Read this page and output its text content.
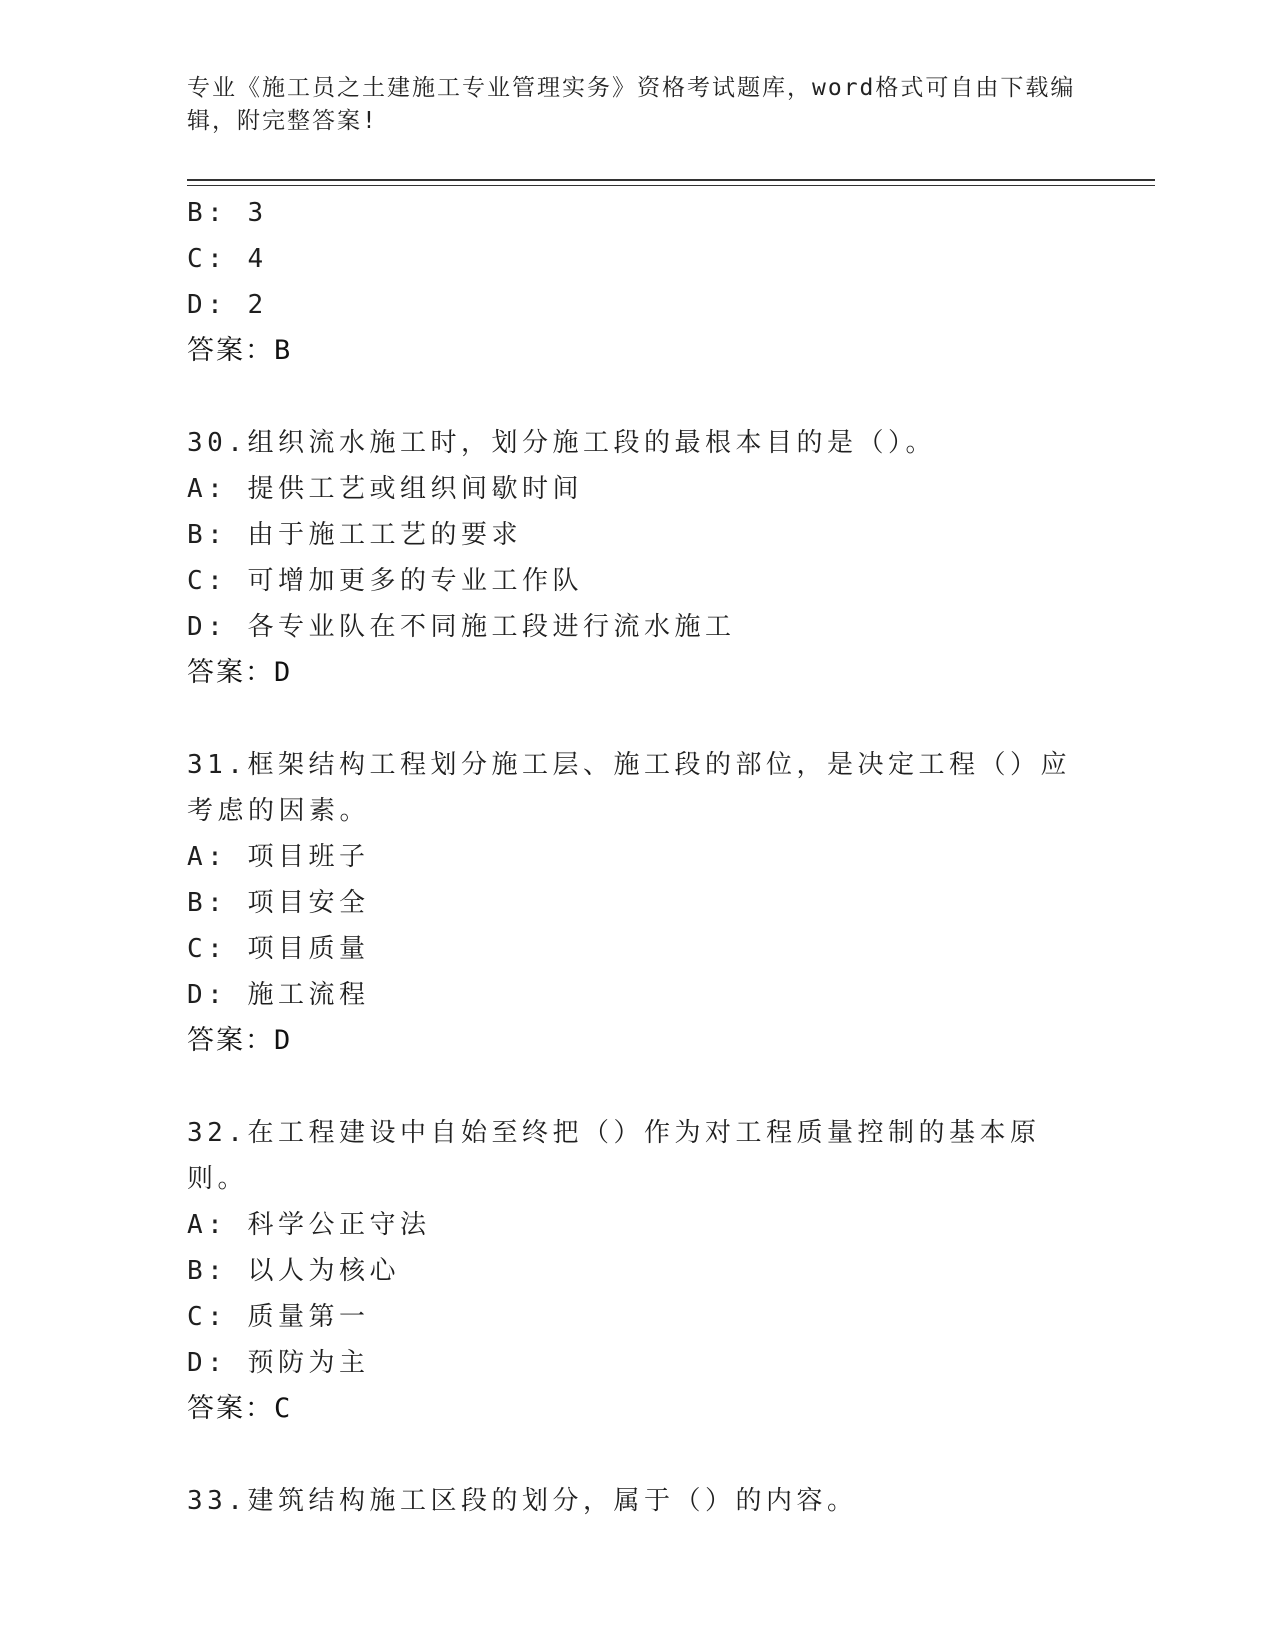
专业《施工员之土建施工专业管理实务》资格考试题库，word格式可自由下载编辑，附完整答案!
B: 3
C: 4
D: 2
答案：B
30.组织流水施工时，划分施工段的最根本目的是（）。
A: 提供工艺或组织间歇时间
B: 由于施工工艺的要求
C: 可增加更多的专业工作队
D: 各专业队在不同施工段进行流水施工
答案：D
31.框架结构工程划分施工层、施工段的部位，是决定工程（）应考虑的因素。
A: 项目班子
B: 项目安全
C: 项目质量
D: 施工流程
答案：D
32.在工程建设中自始至终把（）作为对工程质量控制的基本原则。
A: 科学公正守法
B: 以人为核心
C: 质量第一
D: 预防为主
答案：C
33.建筑结构施工区段的划分，属于（）的内容。
